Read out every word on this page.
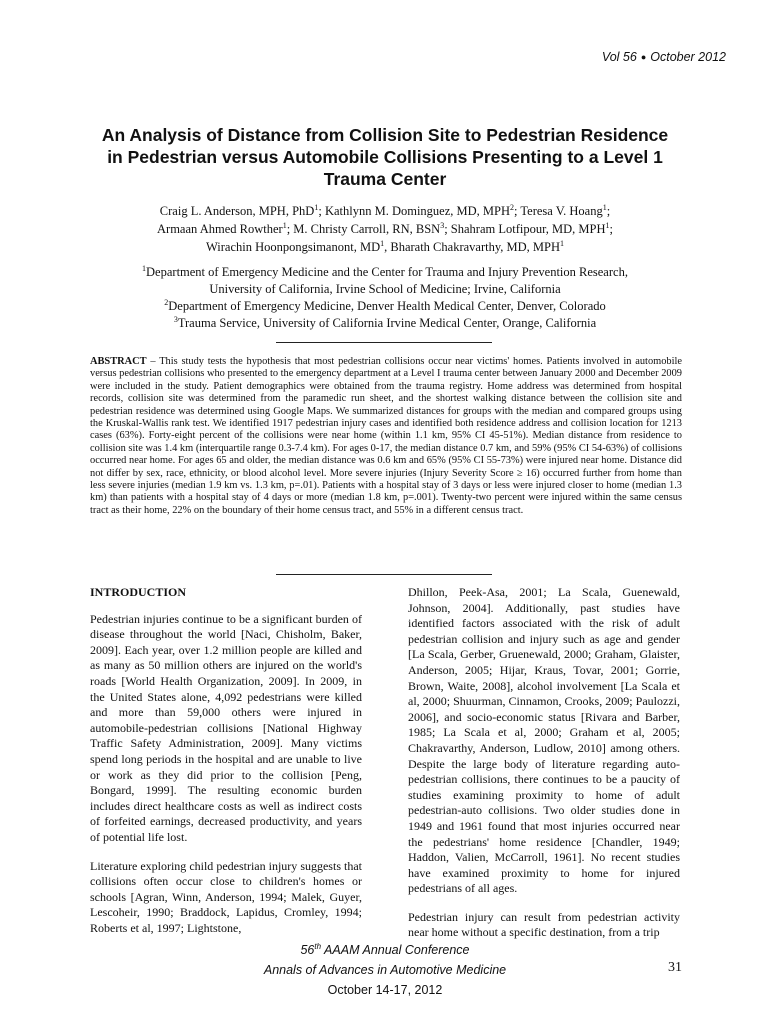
Vol 56 ● October 2012
An Analysis of Distance from Collision Site to Pedestrian Residence
in Pedestrian versus Automobile Collisions Presenting to a Level 1
Trauma Center
Craig L. Anderson, MPH, PhD$^1$; Kathlynn M. Dominguez, MD, MPH$^2$; Teresa V. Hoang$^1$;
Armaan Ahmed Rowther$^1$; M. Christy Carroll, RN, BSN$^3$; Shahram Lotfipour, MD, MPH$^1$;
Wirachin Hoonpongsimanont, $MD^1$, Bharath Chakravarthy, MD, MPH$^1$
$^1$Department of Emergency Medicine and the Center for Trauma and Injury Prevention Research,
University of California, Irvine School of Medicine; Irvine, California
$^2$Department of Emergency Medicine, Denver Health Medical Center, Denver, Colorado
$^3$Trauma Service, University of California Irvine Medical Center, Orange, California
ABSTRACT – This study tests the hypothesis that most pedestrian collisions occur near victims' homes. Patients involved in automobile versus pedestrian collisions who presented to the emergency department at a Level I trauma center between January 2000 and December 2009 were included in the study. Patient demographics were obtained from the trauma registry. Home address was determined from hospital records, collision site was determined from the paramedic run sheet, and the shortest walking distance between the collision site and pedestrian residence was determined using Google Maps. We summarized distances for groups with the median and compared groups using the Kruskal-Wallis rank test. We identified 1917 pedestrian injury cases and identified both residence address and collision location for 1213 cases (63%). Forty-eight percent of the collisions were near home (within 1.1 km, 95% CI 45-51%). Median distance from residence to collision site was 1.4 km (interquartile range 0.3-7.4 km). For ages 0-17, the median distance 0.7 km, and 59% (95% CI 54-63%) of collisions occurred near home. For ages 65 and older, the median distance was 0.6 km and 65% (95% CI 55-73%) were injured near home. Distance did not differ by sex, race, ethnicity, or blood alcohol level. More severe injuries (Injury Severity Score ≥ 16) occurred further from home than less severe injuries (median 1.9 km vs. 1.3 km, p=.01). Patients with a hospital stay of 3 days or less were injured closer to home (median 1.3 km) than patients with a hospital stay of 4 days or more (median 1.8 km, p=.001). Twenty-two percent were injured within the same census tract as their home, 22% on the boundary of their home census tract, and 55% in a different census tract.
INTRODUCTION

Pedestrian injuries continue to be a significant burden of disease throughout the world [Naci, Chisholm, Baker, 2009]. Each year, over 1.2 million people are killed and as many as 50 million others are injured on the world's roads [World Health Organization, 2009]. In 2009, in the United States alone, 4,092 pedestrians were killed and more than 59,000 others were injured in automobile-pedestrian collisions [National Highway Traffic Safety Administration, 2009]. Many victims spend long periods in the hospital and are unable to live or work as they did prior to the collision [Peng, Bongard, 1999]. The resulting economic burden includes direct healthcare costs as well as indirect costs of forfeited earnings, decreased productivity, and years of potential life lost.

Literature exploring child pedestrian injury suggests that collisions often occur close to children's homes or schools [Agran, Winn, Anderson, 1994; Malek, Guyer, Lescoheir, 1990; Braddock, Lapidus, Cromley, 1994; Roberts et al, 1997; Lightstone,

Dhillon, Peek-Asa, 2001; La Scala, Guenewald, Johnson, 2004]. Additionally, past studies have identified factors associated with the risk of adult pedestrian collision and injury such as age and gender [La Scala, Gerber, Gruenewald, 2000; Graham, Glaister, Anderson, 2005; Hijar, Kraus, Tovar, 2001; Gorrie, Brown, Waite, 2008], alcohol involvement [La Scala et al, 2000; Shuurman, Cinnamon, Crooks, 2009; Paulozzi, 2006], and socio-economic status [Rivara and Barber, 1985; La Scala et al, 2000; Graham et al, 2005; Chakravarthy, Anderson, Ludlow, 2010] among others. Despite the large body of literature regarding auto-pedestrian collisions, there continues to be a paucity of studies examining proximity to home of adult pedestrian-auto collisions. Two older studies done in 1949 and 1961 found that most injuries occurred near the pedestrians' home residence [Chandler, 1949; Haddon, Valien, McCarroll, 1961]. No recent studies have examined proximity to home for injured pedestrians of all ages.

Pedestrian injury can result from pedestrian activity near home without a specific destination, from a trip

56th AAAM Annual Conference
Annals of Advances in Automotive Medicine
October 14-17, 2012
31
